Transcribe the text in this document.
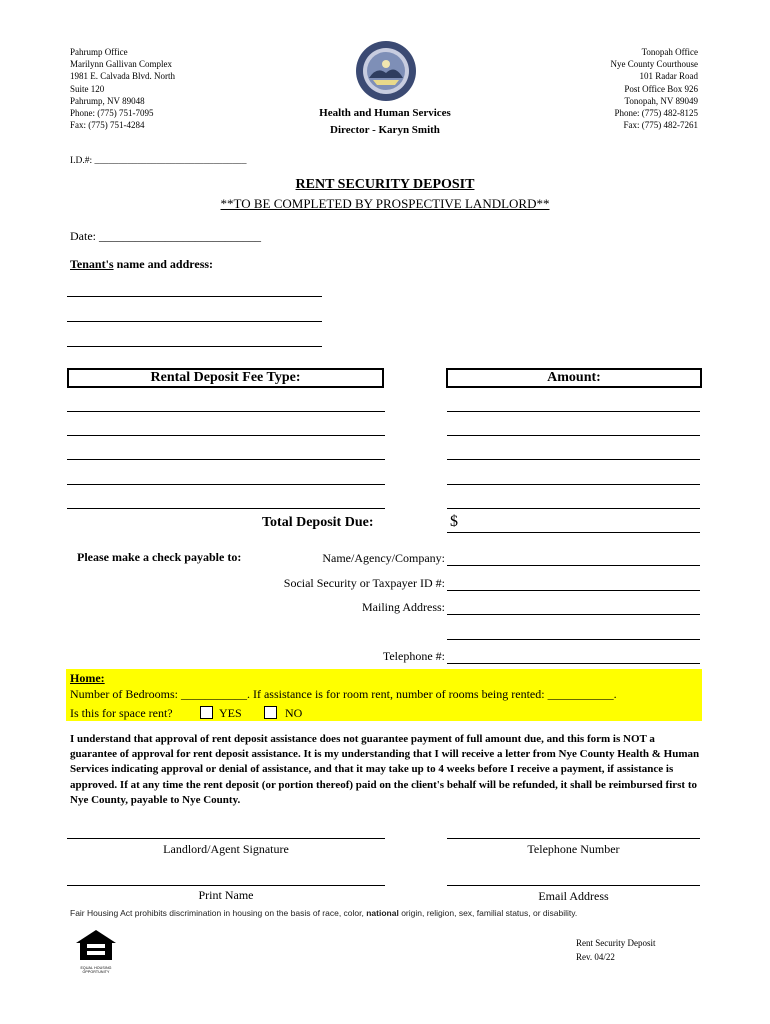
Pahrump Office
Marilynn Gallivan Complex
1981 E. Calvada Blvd. North
Suite 120
Pahrump, NV 89048
Phone: (775) 751-7095
Fax: (775) 751-4284
Health and Human Services
Director - Karyn Smith
Tonopah Office
Nye County Courthouse
101 Radar Road
Post Office Box 926
Tonopah, NV 89049
Phone: (775) 482-8125
Fax: (775) 482-7261
I.D.#: ________________________________
RENT SECURITY DEPOSIT
**TO BE COMPLETED BY PROSPECTIVE LANDLORD**
Date: ___________________________
Tenant's name and address:
Rental Deposit Fee Type:	Amount:
Total Deposit Due:	$
Please make a check payable to:	Name/Agency/Company:
Social Security or Taxpayer ID #:
Mailing Address:
Telephone #:
Home:
Number of Bedrooms: ___________. If assistance is for room rent, number of rooms being rented: ___________.
Is this for space rent?	YES	NO
I understand that approval of rent deposit assistance does not guarantee payment of full amount due, and this form is NOT a guarantee of approval for rent deposit assistance. It is my understanding that I will receive a letter from Nye County Health & Human Services indicating approval or denial of assistance, and that it may take up to 4 weeks before I receive a payment, if assistance is approved. If at any time the rent deposit (or portion thereof) paid on the client's behalf will be refunded, it shall be reimbursed first to Nye County, payable to Nye County.
Landlord/Agent Signature	Telephone Number
Print Name	Email Address
Fair Housing Act prohibits discrimination in housing on the basis of race, color, national origin, religion, sex, familial status, or disability.
EQUAL HOUSING OPPORTUNITY
Rent Security Deposit
Rev. 04/22
